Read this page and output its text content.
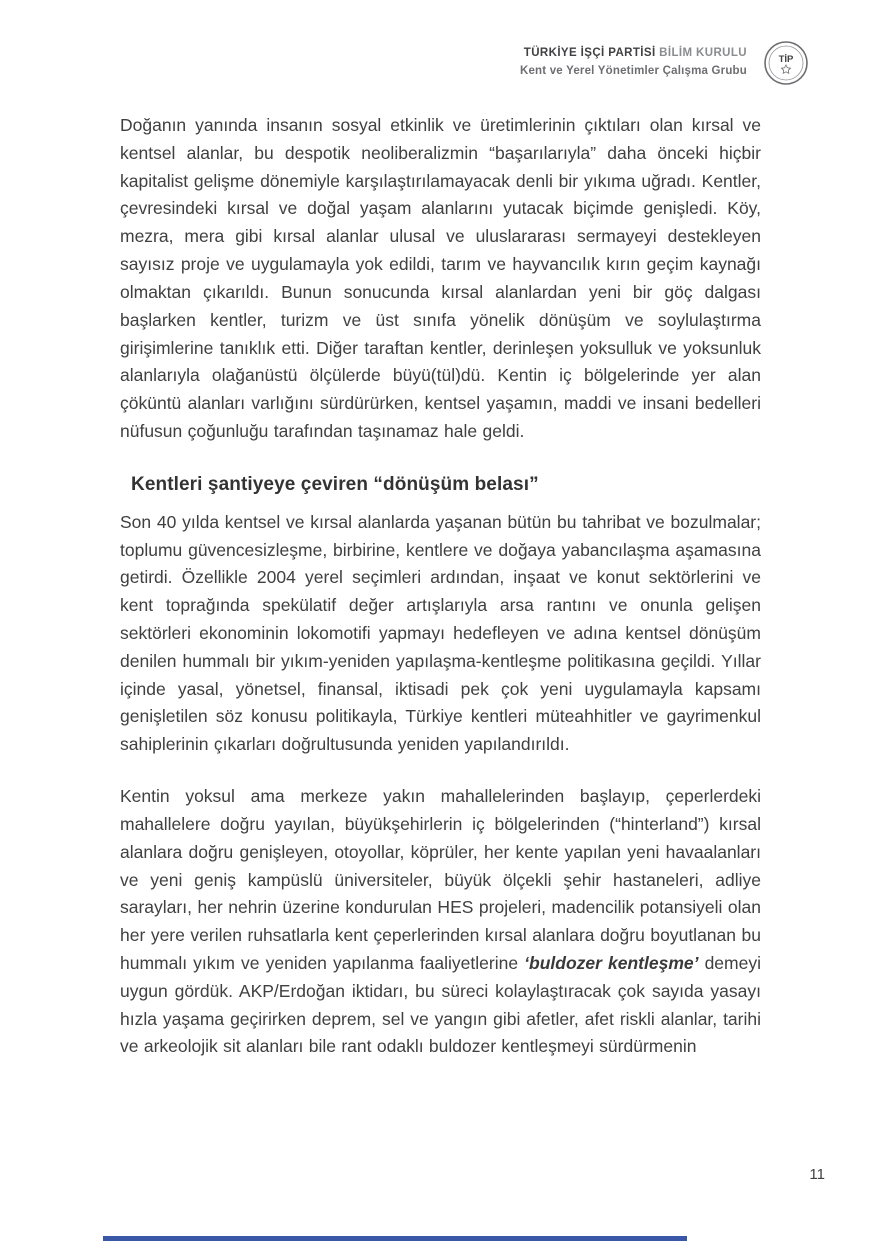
TÜRKİYE İŞÇİ PARTİSİ BİLİM KURULU
Kent ve Yerel Yönetimler Çalışma Grubu
TİP

Doğanın yanında insanın sosyal etkinlik ve üretimlerinin çıktıları olan kırsal ve kentsel alanlar, bu despotik neoliberalizmin “başarılarıyla” daha önceki hiçbir kapitalist gelişme dönemiyle karşılaştırılamayacak denli bir yıkıma uğradı. Kentler, çevresindeki kırsal ve doğal yaşam alanlarını yutacak biçimde genişledi. Köy, mezra, mera gibi kırsal alanlar ulusal ve uluslararası sermayeyi destekleyen sayısız proje ve uygulamayla yok edildi, tarım ve hayvancılık kırın geçim kaynağı olmaktan çıkarıldı. Bunun sonucunda kırsal alanlardan yeni bir göç dalgası başlarken kentler, turizm ve üst sınıfa yönelik dönüşüm ve soylulaştırma girişimlerine tanıklık etti. Diğer taraftan kentler, derinleşen yoksulluk ve yoksunluk alanlarıyla olağanüstü ölçülerde büyü(tül)dü. Kentin iç bölgelerinde yer alan çöküntü alanları varlığını sürdürürken, kentsel yaşamın, maddi ve insani bedelleri nüfusun çoğunluğu tarafından taşınamaz hale geldi.

Kentleri şantiyeye çeviren “dönüşüm belası”

Son 40 yılda kentsel ve kırsal alanlarda yaşanan bütün bu tahribat ve bozulmalar; toplumu güvencesizleşme, birbirine, kentlere ve doğaya yabancılaşma aşamasına getirdi. Özellikle 2004 yerel seçimleri ardından, inşaat ve konut sektörlerini ve kent toprağında spekülatif değer artışlarıyla arsa rantını ve onunla gelişen sektörleri ekonominin lokomotifi yapmayı hedefleyen ve adına kentsel dönüşüm denilen hummalı bir yıkım-yeniden yapılaşma-kentleşme politikasına geçildi. Yıllar içinde yasal, yönetsel, finansal, iktisadi pek çok yeni uygulamayla kapsamı genişletilen söz konusu politikayla, Türkiye kentleri müteahhitler ve gayrimenkul sahiplerinin çıkarları doğrultusunda yeniden yapılandırıldı.

Kentin yoksul ama merkeze yakın mahallelerinden başlayıp, çeperlerdeki mahallelere doğru yayılan, büyükşehirlerin iç bölgelerinden (“hinterland”) kırsal alanlara doğru genişleyen, otoyollar, köprüler, her kente yapılan yeni havaalanları ve yeni geniş kampüslü üniversiteler, büyük ölçekli şehir hastaneleri, adliye sarayları, her nehrin üzerine kondurulan HES projeleri, madencilik potansiyeli olan her yere verilen ruhsatlarla kent çeperlerinden kırsal alanlara doğru boyutlanan bu hummalı yıkım ve yeniden yapılanma faaliyetlerine ‘buldozer kentleşme’ demeyi uygun gördük. AKP/Erdoğan iktidarı, bu süreci kolaylaştıracak çok sayıda yasayı hızla yaşama geçirirken deprem, sel ve yangın gibi afetler, afet riskli alanlar, tarihi ve arkeolojik sit alanları bile rant odaklı buldozer kentleşmeyi sürdürmenin

11
